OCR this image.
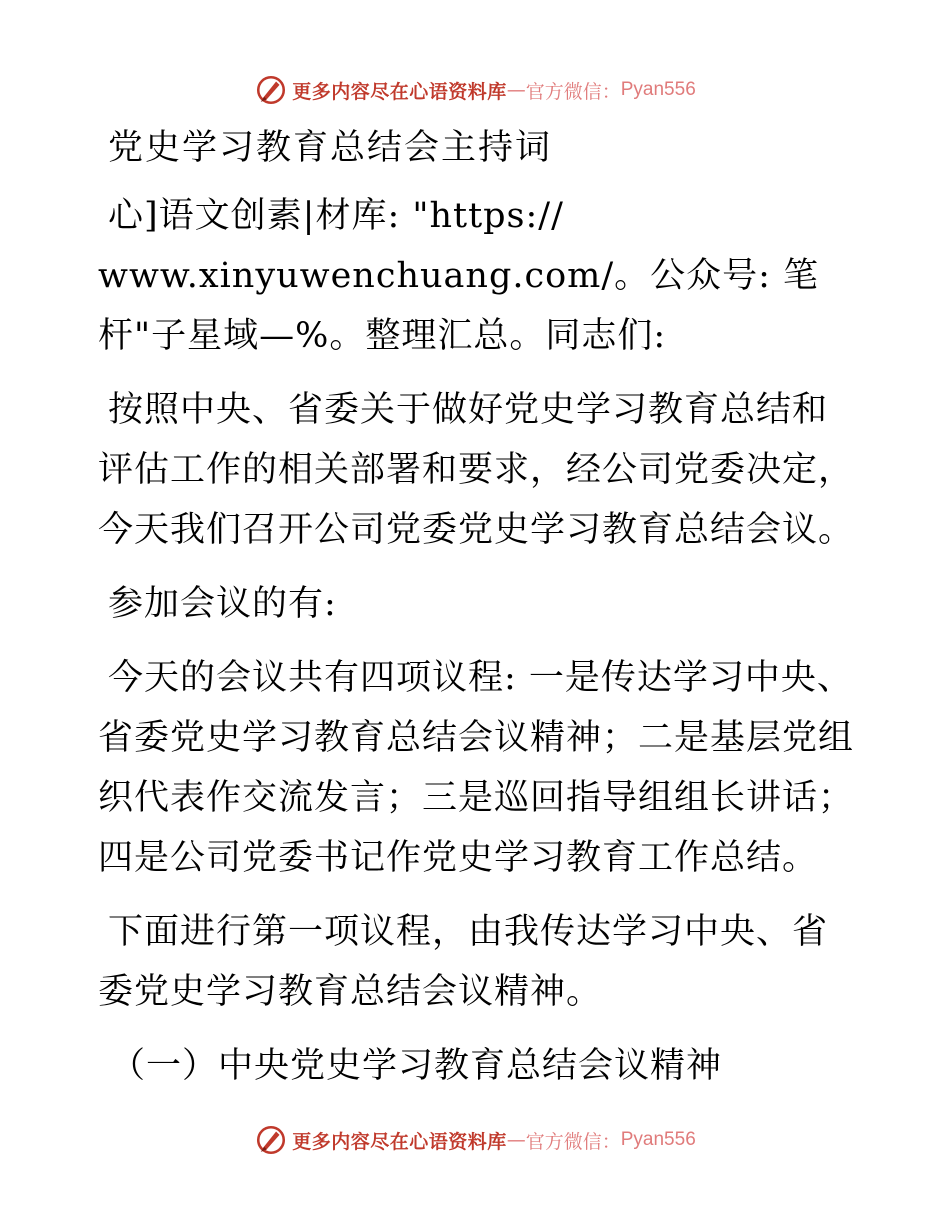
更多内容尽在心语资料库 — 官方微信： Pyan556
党史学习教育总结会主持词

心]语文创素|材库: "https:// www.xinyuwenchuang.com/。公众号: 笔杆"子星域—%。整理汇总。同志们:

按照中央、省委关于做好党史学习教育总结和评估工作的相关部署和要求，经公司党委决定，今天我们召开公司党委党史学习教育总结会议。

参加会议的有:

今天的会议共有四项议程: 一是传达学习中央、省委党史学习教育总结会议精神；二是基层党组织代表作交流发言；三是巡回指导组组长讲话；四是公司党委书记作党史学习教育工作总结。

下面进行第一项议程，由我传达学习中央、省委党史学习教育总结会议精神。

（一）中央党史学习教育总结会议精神

更多内容尽在心语资料库 — 官方微信： Pyan556
